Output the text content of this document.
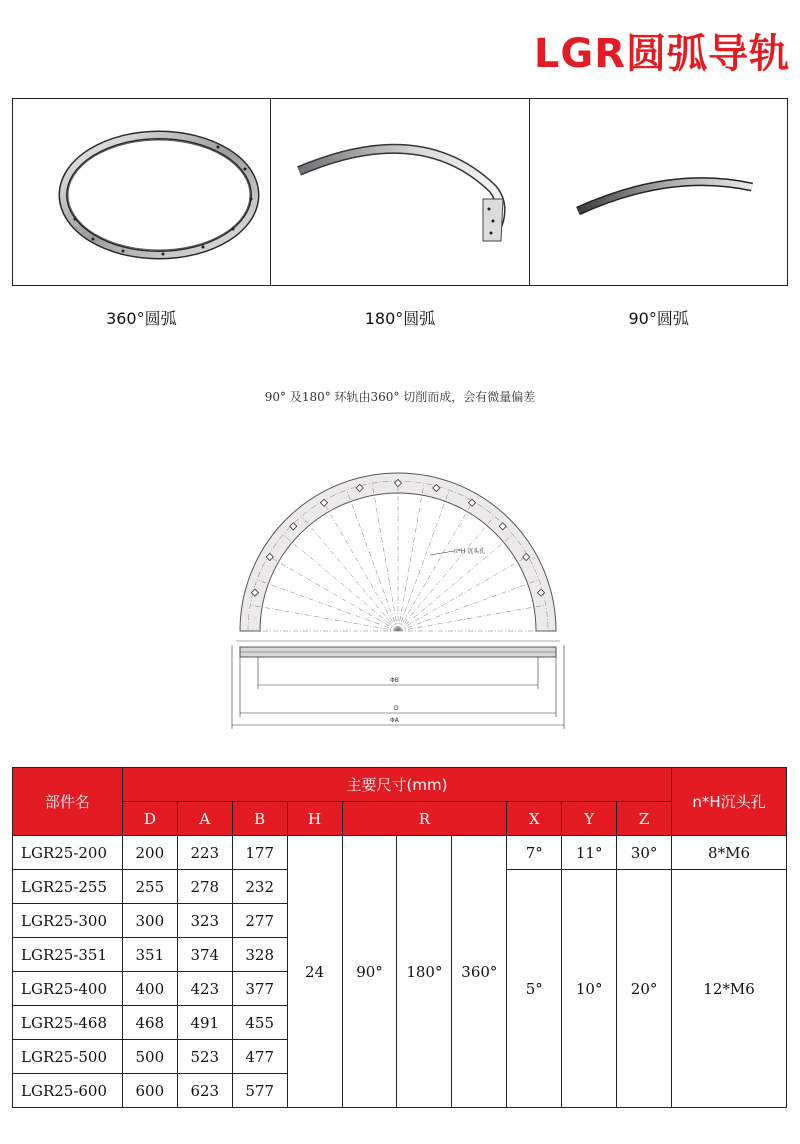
LGR圆弧导轨
360°圆弧	180°圆弧	90°圆弧
90° 及180° 环轨由360° 切削而成，会有微量偏差
ΦB
D
ΦA
n*H 沉头孔
部件名	主要尺寸(mm)										n*H沉头孔
	D	A	B	H	R			X	Y	Z	
LGR25-200	200	223	177	24	90°	180°	360°	7°	11°	30°	8*M6
LGR25-255	255	278	232					5°	10°	20°	12*M6
LGR25-300	300	323	277								
LGR25-351	351	374	328								
LGR25-400	400	423	377								
LGR25-468	468	491	455								
LGR25-500	500	523	477								
LGR25-600	600	623	577								
